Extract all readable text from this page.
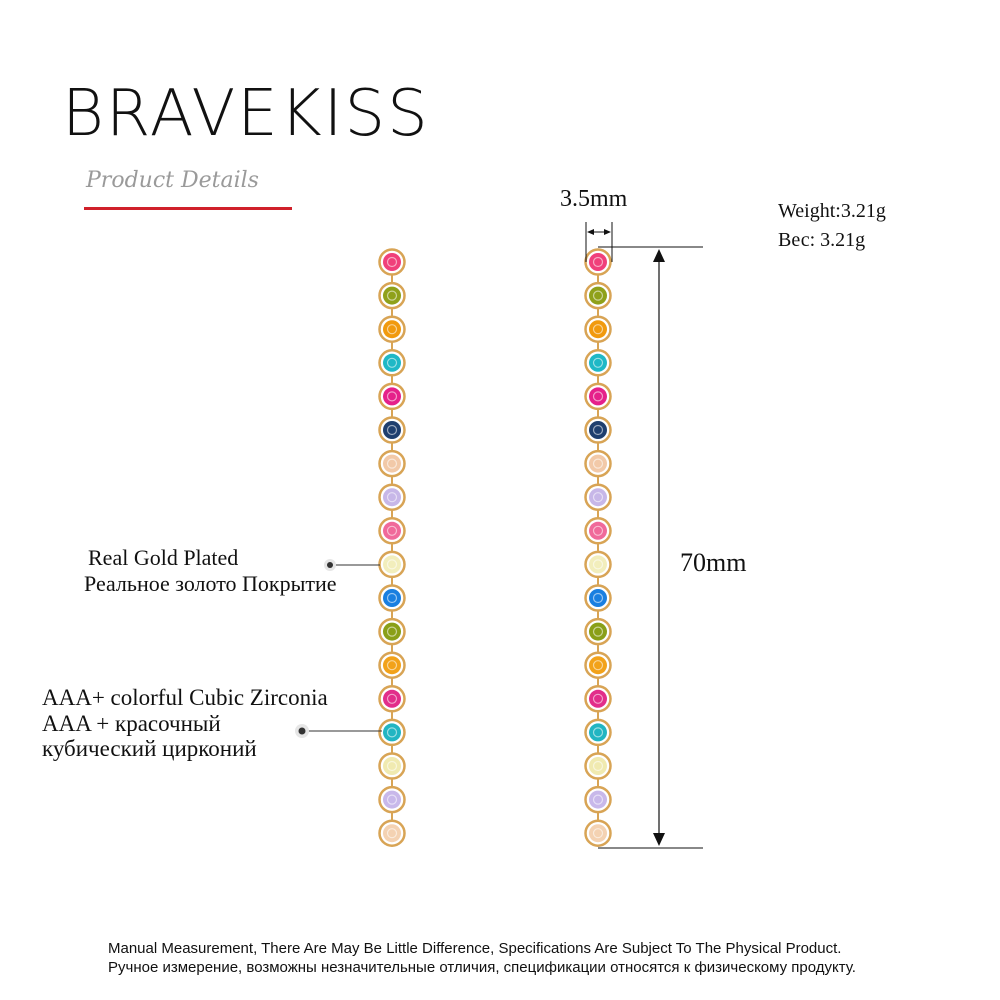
BRAVEKISS
Product Details
Real Gold Plated
Реальное золото Покрытие
AAA+ colorful Cubic Zirconia
AAA + красочный
кубический цирконий
3.5mm
70mm
Weight:3.21g
Вес: 3.21g
Manual Measurement, There Are May Be Little Difference, Specifications Are Subject To The Physical Product.
Ручное измерение, возможны незначительные отличия, спецификации относятся к физическому продукту.
